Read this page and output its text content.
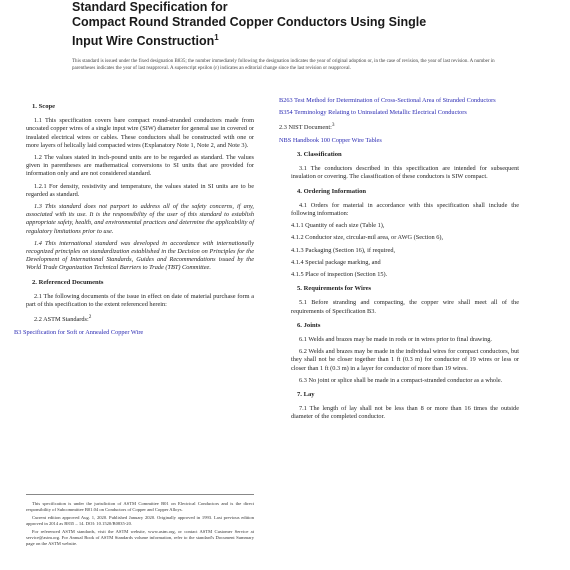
Standard Specification for
Compact Round Stranded Copper Conductors Using Single
Input Wire Construction$^1$
This standard is issued under the fixed designation B835; the number immediately following the designation indicates the year of original adoption or, in the case of revision, the year of last revision. A number in parentheses indicates the year of last reapproval. A superscript epsilon (ε) indicates an editorial change since the last revision or reapproval.
1. Scope

1.1 This specification covers bare compact round-stranded conductors made from uncoated copper wires of a single input wire (SIW) diameter for general use in covered or insulated electrical wires or cables. These conductors shall be constructed with one or more layers of helically laid compacted wires (Explanatory Note 1, Note 2, and Note 3).

1.2 The values stated in inch-pound units are to be regarded as standard. The values given in parentheses are mathematical conversions to SI units that are provided for information only and are not considered standard.

1.2.1 For density, resistivity and temperature, the values stated in SI units are to be regarded as standard.

1.3 This standard does not purport to address all of the safety concerns, if any, associated with its use. It is the responsibility of the user of this standard to establish appropriate safety, health, and environmental practices and determine the applicability of regulatory limitations prior to use.

1.4 This international standard was developed in accordance with internationally recognized principles on standardization established in the Decision on Principles for the Development of International Standards, Guides and Recommendations issued by the World Trade Organization Technical Barriers to Trade (TBT) Committee.

2. Referenced Documents

2.1 The following documents of the issue in effect on date of material purchase form a part of this specification to the extent referenced herein:

2.2 ASTM Standards:$^2$

B3 Specification for Soft or Annealed Copper Wire

This specification is under the jurisdiction of ASTM Committee B01 on Electrical Conductors and is the direct responsibility of Subcommittee B01.04 on Conductors of Copper and Copper Alloys.

Current edition approved Aug. 1, 2020. Published January 2020. Originally approved in 1993. Last previous edition approved in 2014 as B835 – 14. DOI: 10.1520/B0835-20.

For referenced ASTM standards, visit the ASTM website, www.astm.org, or contact ASTM Customer Service at service@astm.org. For Annual Book of ASTM Standards volume information, refer to the standard's Document Summary page on the ASTM website.

B263 Test Method for Determination of Cross-Sectional Area of Stranded Conductors

B354 Terminology Relating to Uninsulated Metallic Electrical Conductors

2.3 NIST Document:$^3$

NBS Handbook 100 Copper Wire Tables

3. Classification

3.1 The conductors described in this specification are intended for subsequent insulation or covering. The classification of these conductors is SIW compact.

4. Ordering Information

4.1 Orders for material in accordance with this specification shall include the following information:

4.1.1 Quantity of each size (Table 1),

4.1.2 Conductor size, circular-mil area, or AWG (Section 6),

4.1.3 Packaging (Section 16), if required,

4.1.4 Special package marking, and

4.1.5 Place of inspection (Section 15).

5. Requirements for Wires

5.1 Before stranding and compacting, the copper wire shall meet all of the requirements of Specification B3.

6. Joints

6.1 Welds and brazes may be made in rods or in wires prior to final drawing.

6.2 Welds and brazes may be made in the individual wires for compact conductors, but they shall not be closer together than 1 ft (0.3 m) for conductor of 19 wires or less or closer than 1 ft (0.3 m) in a layer for conductor of more than 19 wires.

6.3 No joint or splice shall be made in a compact-stranded conductor as a whole.

7. Lay

7.1 The length of lay shall not be less than 8 or more than 16 times the outside diameter of the completed conductor.
